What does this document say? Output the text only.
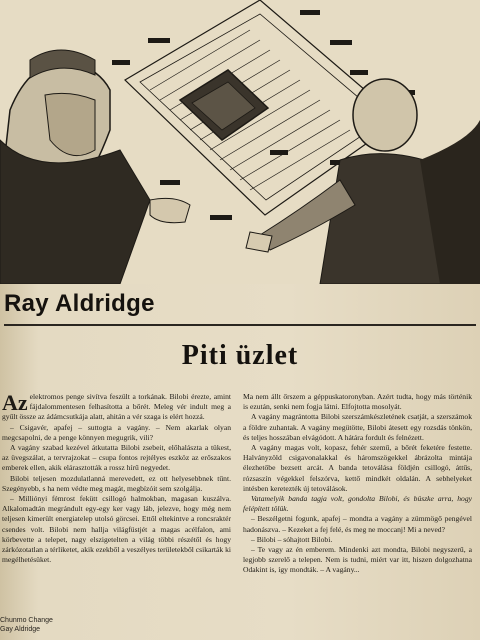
Ray Aldridge
Piti üzlet

Az elektromos penge sivítva feszült a torkának. Bilobi érezte, amint fájdalommentesen felhasította a bőrét. Meleg vér indult meg a gyűlt össze az ádámcsutkája alatt, ahitán a vér szaga is elért hozzá.

– Csigavér, apafej – suttogta a vagány. – Nem akarlak olyan megcsapolni, de a penge könnyen megugrik, vili?

A vagány szabad kezével átkutatta Bilobi zsebeit, előhalászta a tükest, az üvegszálat, a tervrajzokat – csupa fontos rejtélyes eszköz az erőszakos emberek ellen, akik elárasztották a rossz hírű negyedet.

Bilobi teljesen mozdulatlanná merevedett, ez ott helyesebbnek tűnt. Szegényebb, s ha nem védte meg magát, megbízóit sem szolgálja.

– Milliónyi fémrost fekütt csillogó halmokban, magasan kuszálva. Alkalomadtán megrándult egy-egy ker vagy láb, jelezve, hogy még nem teljesen kimerült energiatelep utolsó görcsei. Ettől eltekintve a roncsraktér csendes volt. Bilobi nem hallja világfüstjét a magas acélfalon, ami körbevette a telepet, nagy elszigetelten a világ többi részétől és hogy zárkózotatlan a térliketet, akik ezekből a veszélyes területekből csikarták ki megélhetésüket.

Ma nem állt őrszem a géppuskatoronyban. Azért tudta, hogy más történik is ezután, senki nem fogja látni. Elfojtotta mosolyát.

A vagány magrántotta Bilobi szerszámkészletének csatját, a szerszámok a földre zuhantak. A vagány megütötte, Bilobi átesett egy rozsdás tönkön, és teljes hosszában elvágódott. A hátára fordult és felnézett.

A vagány magas volt, kopasz, fehér szemű, a bőrét feketére festette. Halványzöld csigavonalakkal és háromszögekkel ábrázolta mintája élezhetőbe bezsett arcát. A banda tetoválása földjén csillogó, áttűs, rózsaszín végekkel felszórva, kettő mindkét oldalán. A sebhelyeket intésben keretezték új tetoválások.

Vatamelyik banda tagja volt, gondolta Bilobi, és büszke arra, hogy felépített tölük.

– Beszélgetni fogunk, apafej – mondta a vagány a zümmögő pengével hadonászva. – Kezeket a fej felé, és meg ne moccanj! Mi a neved?

– Bilobi – sóhajtott Bilobi.

– Te vagy az én emberem. Mindenki azt mondta, Bilobi negyszerű, a legjobb szerelő a telepen. Nem is tudni, miért var itt, hiszen dolgozhatna Odakint is, így mondták. – A vagány...

Chunmo Change
Gay Aldridge
